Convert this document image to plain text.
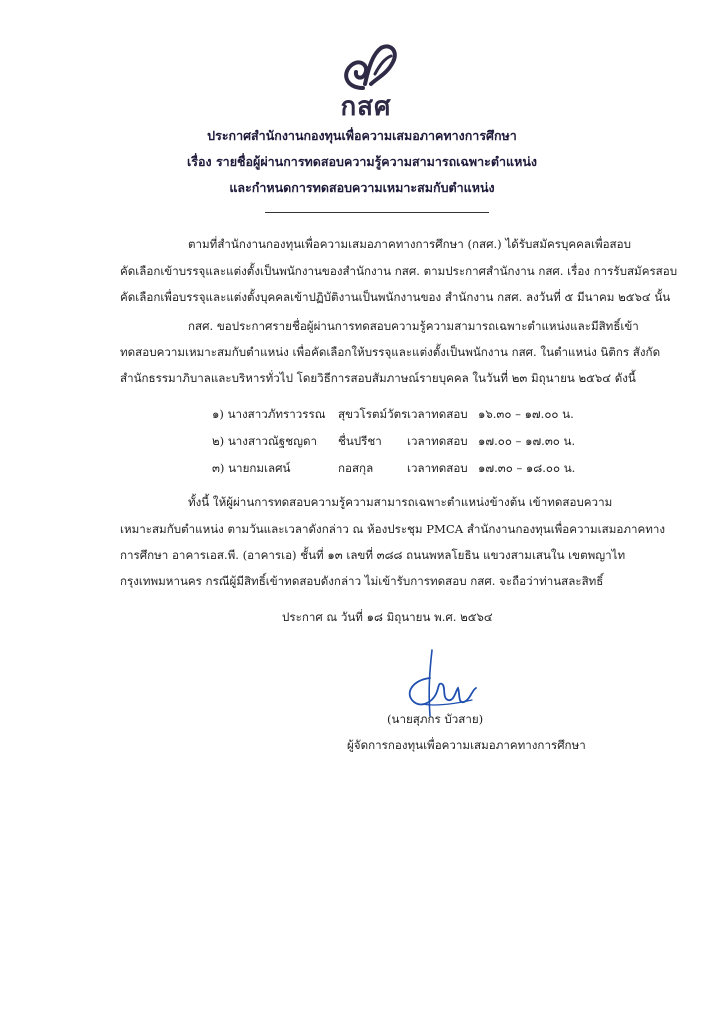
กสศ
ประกาศสำนักงานกองทุนเพื่อความเสมอภาคทางการศึกษา
เรื่อง รายชื่อผู้ผ่านการทดสอบความรู้ความสามารถเฉพาะตำแหน่ง
และกำหนดการทดสอบความเหมาะสมกับตำแหน่ง
ตามที่สำนักงานกองทุนเพื่อความเสมอภาคทางการศึกษา (กสศ.) ได้รับสมัครบุคคลเพื่อสอบ
คัดเลือกเข้าบรรจุและแต่งตั้งเป็นพนักงานของสำนักงาน กสศ. ตามประกาศสำนักงาน กสศ. เรื่อง การรับสมัครสอบ
คัดเลือกเพื่อบรรจุและแต่งตั้งบุคคลเข้าปฏิบัติงานเป็นพนักงานของ สำนักงาน กสศ. ลงวันที่ ๕ มีนาคม ๒๕๖๔ นั้น
กสศ. ขอประกาศรายชื่อผู้ผ่านการทดสอบความรู้ความสามารถเฉพาะตำแหน่งและมีสิทธิ์เข้า
ทดสอบความเหมาะสมกับตำแหน่ง เพื่อคัดเลือกให้บรรจุและแต่งตั้งเป็นพนักงาน กสศ. ในตำแหน่ง นิติกร สังกัด
สำนักธรรมาภิบาลและบริหารทั่วไป โดยวิธีการสอบสัมภาษณ์รายบุคคล ในวันที่ ๒๓ มิถุนายน ๒๕๖๔ ดังนี้
๑) นางสาวภัทราวรรณ สุขวโรตม์วัตร เวลาทดสอบ ๑๖.๓๐ – ๑๗.๐๐ น.
๒) นางสาวณัฐชญดา ชื่นปรีชา เวลาทดสอบ ๑๗.๐๐ – ๑๗.๓๐ น.
๓) นายกมเลศน์	กอสกุล	เวลาทดสอบ ๑๗.๓๐ – ๑๘.๐๐ น.
ทั้งนี้ ให้ผู้ผ่านการทดสอบความรู้ความสามารถเฉพาะตำแหน่งข้างต้น เข้าทดสอบความ
เหมาะสมกับตำแหน่ง ตามวันและเวลาดังกล่าว ณ ห้องประชุม PMCA สำนักงานกองทุนเพื่อความเสมอภาคทาง
การศึกษา อาคารเอส.พี. (อาคารเอ) ชั้นที่ ๑๓ เลขที่ ๓๘๘ ถนนพหลโยธิน แขวงสามเสนใน เขตพญาไท
กรุงเทพมหานคร กรณีผู้มีสิทธิ์เข้าทดสอบดังกล่าว ไม่เข้ารับการทดสอบ กสศ. จะถือว่าท่านสละสิทธิ์
ประกาศ ณ วันที่ ๑๘ มิถุนายน พ.ศ. ๒๕๖๔
(นายสุภกร บัวสาย)
ผู้จัดการกองทุนเพื่อความเสมอภาคทางการศึกษา
